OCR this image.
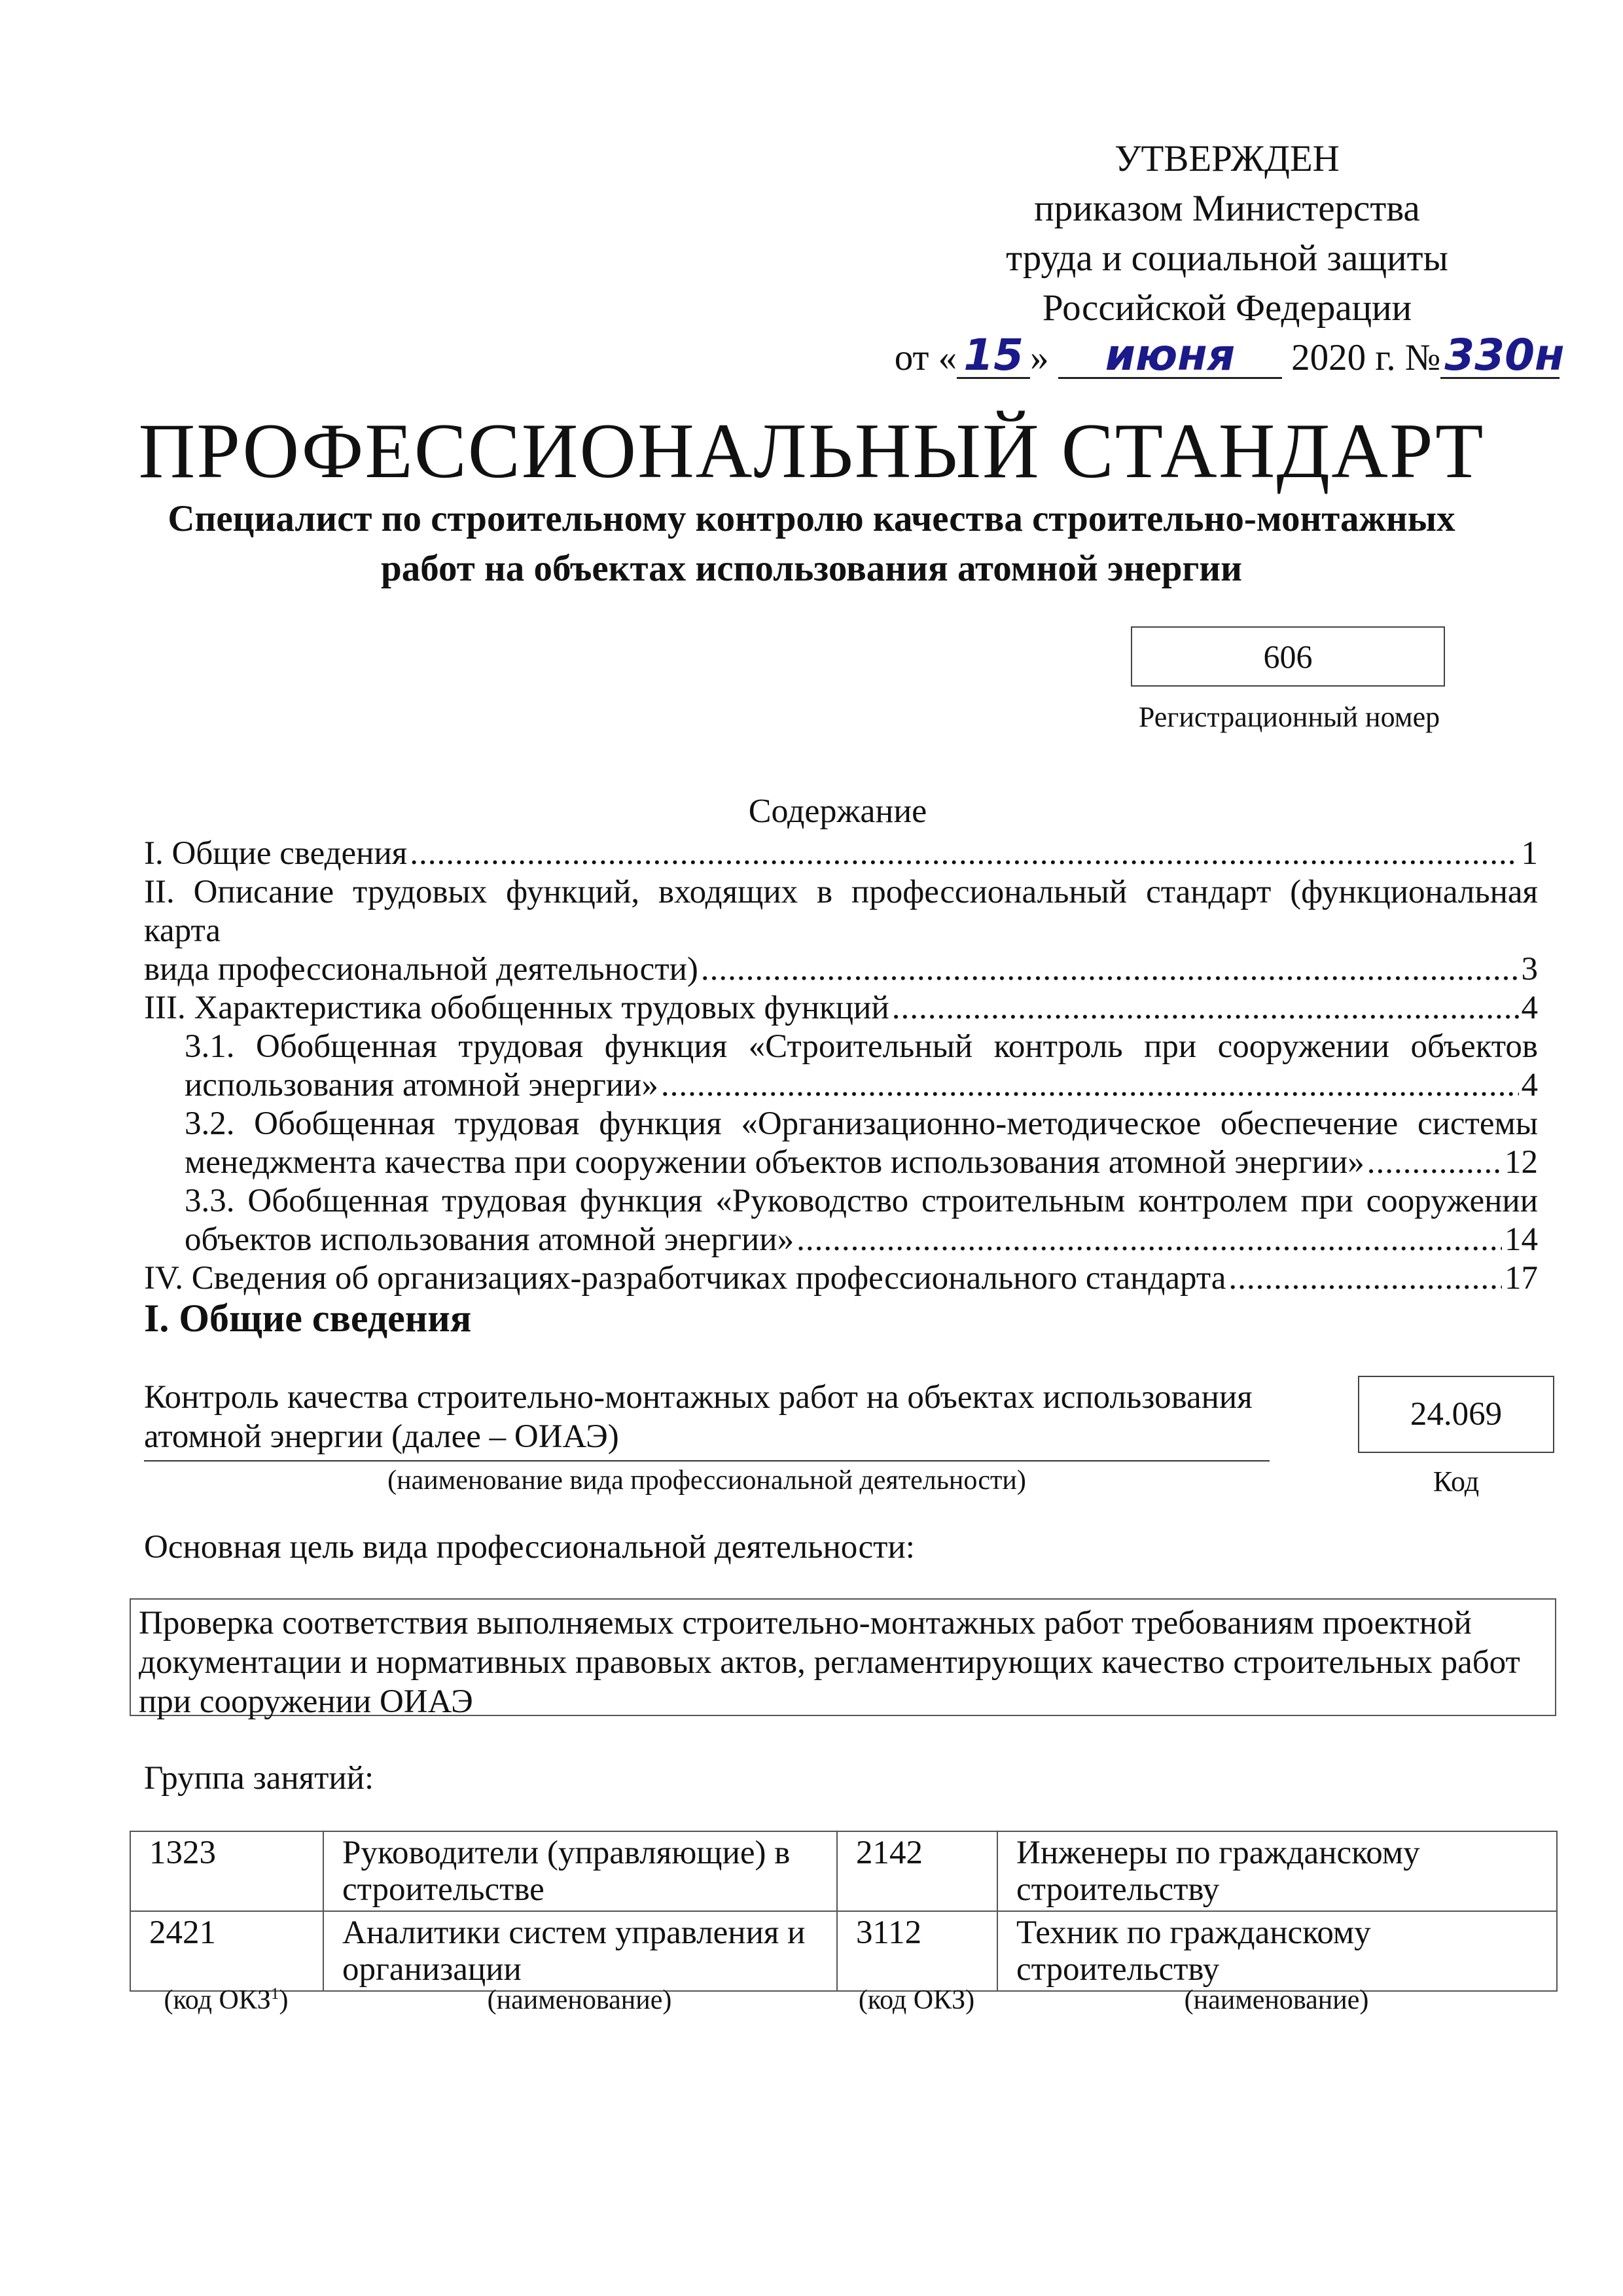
УТВЕРЖДЕН
приказом Министерства
труда и социальной защиты
Российской Федерации
от « 15 » июня 2020 г. №330н
ПРОФЕССИОНАЛЬНЫЙ СТАНДАРТ
Специалист по строительному контролю качества строительно-монтажных
работ на объектах использования атомной энергии
606
Регистрационный номер
Содержание
I. Общие сведения .....	1
II. Описание трудовых функций, входящих в профессиональный стандарт (функциональная карта
вида профессиональной деятельности) .....	3
III. Характеристика обобщенных трудовых функций .....	4
3.1. Обобщенная трудовая функция «Строительный контроль при сооружении объектов
использования атомной энергии» .....	4
3.2. Обобщенная трудовая функция «Организационно-методическое обеспечение системы
менеджмента качества при сооружении объектов использования атомной энергии» .....	12
3.3. Обобщенная трудовая функция «Руководство строительным контролем при сооружении
объектов использования атомной энергии» .....	14
IV. Сведения об организациях-разработчиках профессионального стандарта .....	17
I. Общие сведения
Контроль качества строительно-монтажных работ на объектах использования
атомной энергии (далее – ОИАЭ)
24.069
(наименование вида профессиональной деятельности)	Код
Основная цель вида профессиональной деятельности:
Проверка соответствия выполняемых строительно-монтажных работ требованиям проектной
документации и нормативных правовых актов, регламентирующих качество строительных работ
при сооружении ОИАЭ
Группа занятий:
1323	Руководители (управляющие) в строительстве	2142	Инженеры по гражданскому строительству
2421	Аналитики систем управления и организации	3112	Техник по гражданскому строительству
(код ОКЗ$^1$)	(наименование)	(код ОКЗ)	(наименование)
